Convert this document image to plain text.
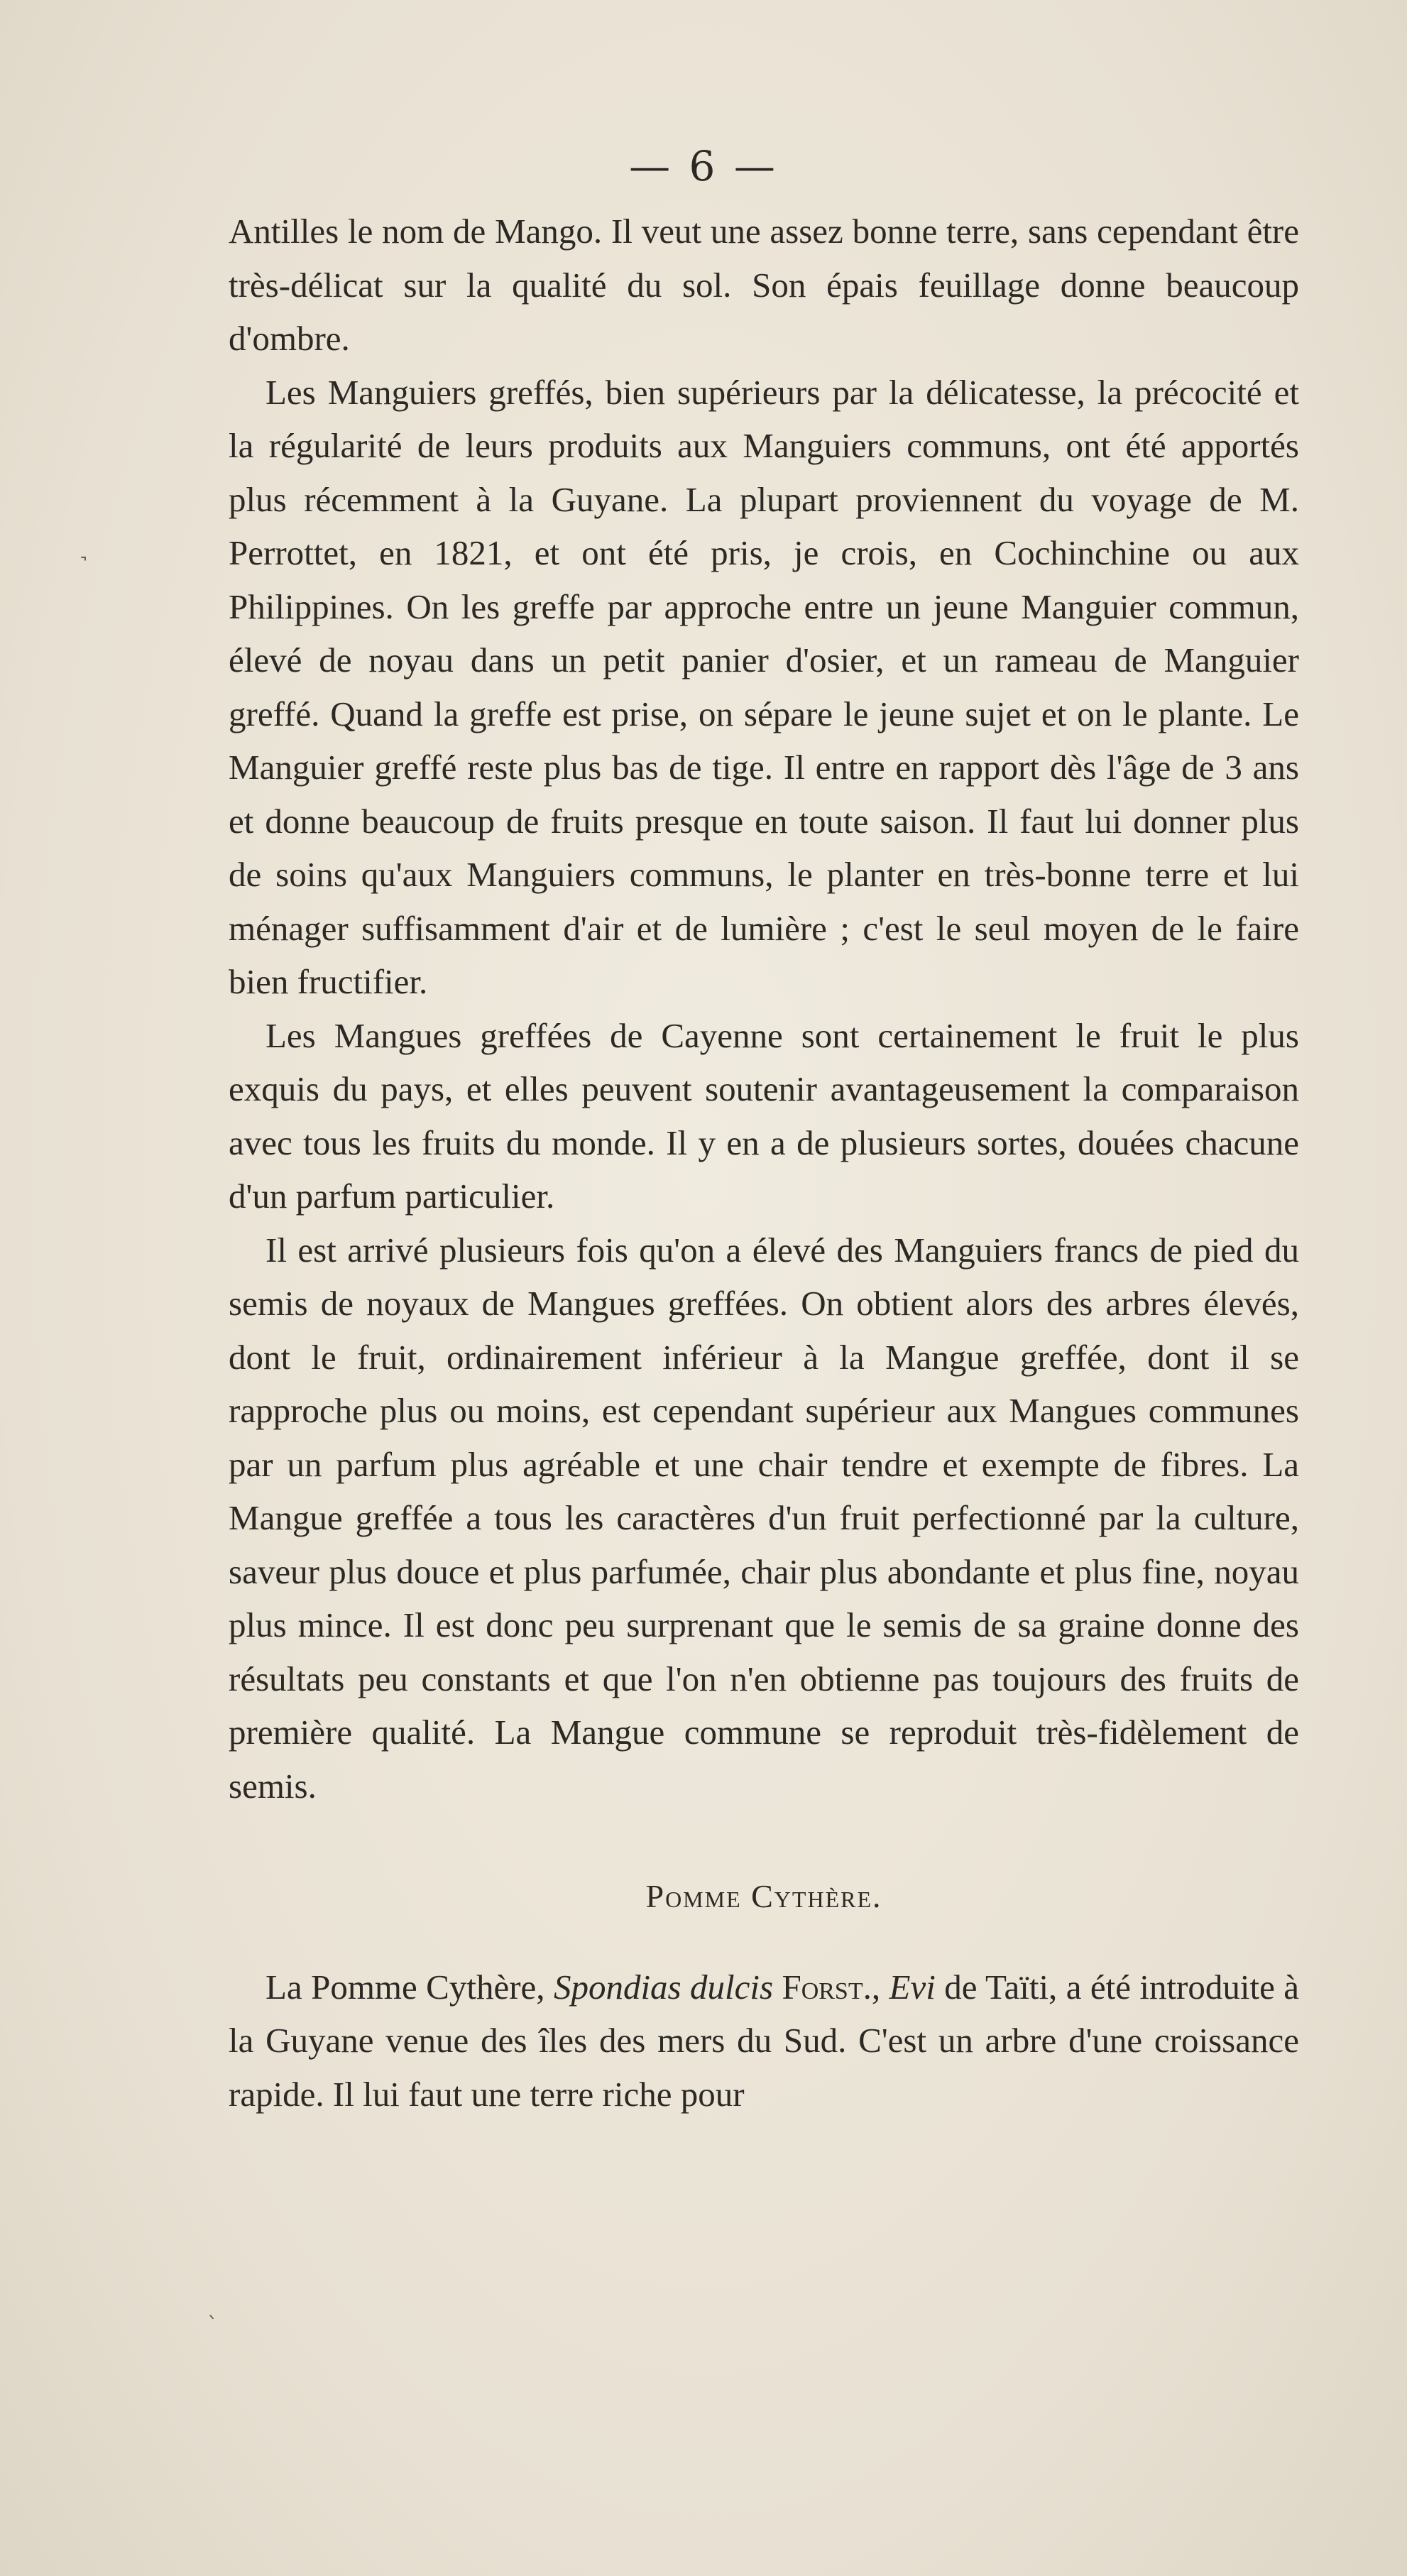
— 6 —
˺
ˎ

Antilles le nom de Mango. Il veut une assez bonne terre, sans cependant être très-délicat sur la qualité du sol. Son épais feuillage donne beaucoup d'ombre.

Les Manguiers greffés, bien supérieurs par la délicatesse, la précocité et la régularité de leurs produits aux Manguiers communs, ont été apportés plus récemment à la Guyane. La plupart proviennent du voyage de M. Perrottet, en 1821, et ont été pris, je crois, en Cochinchine ou aux Philippines. On les greffe par approche entre un jeune Manguier commun, élevé de noyau dans un petit panier d'osier, et un rameau de Manguier greffé. Quand la greffe est prise, on sépare le jeune sujet et on le plante. Le Manguier greffé reste plus bas de tige. Il entre en rapport dès l'âge de 3 ans et donne beaucoup de fruits presque en toute saison. Il faut lui donner plus de soins qu'aux Manguiers communs, le planter en très-bonne terre et lui ménager suffisamment d'air et de lumière ; c'est le seul moyen de le faire bien fructifier.

Les Mangues greffées de Cayenne sont certainement le fruit le plus exquis du pays, et elles peuvent soutenir avantageusement la comparaison avec tous les fruits du monde. Il y en a de plusieurs sortes, douées chacune d'un parfum particulier.

Il est arrivé plusieurs fois qu'on a élevé des Manguiers francs de pied du semis de noyaux de Mangues greffées. On obtient alors des arbres élevés, dont le fruit, ordinairement inférieur à la Mangue greffée, dont il se rapproche plus ou moins, est cependant supérieur aux Mangues communes par un parfum plus agréable et une chair tendre et exempte de fibres. La Mangue greffée a tous les caractères d'un fruit perfectionné par la culture, saveur plus douce et plus parfumée, chair plus abondante et plus fine, noyau plus mince. Il est donc peu surprenant que le semis de sa graine donne des résultats peu constants et que l'on n'en obtienne pas toujours des fruits de première qualité. La Mangue commune se reproduit très-fidèlement de semis.

Pomme Cythère.

La Pomme Cythère, Spondias dulcis Forst., Evi de Taïti, a été introduite à la Guyane venue des îles des mers du Sud. C'est un arbre d'une croissance rapide. Il lui faut une terre riche pour
